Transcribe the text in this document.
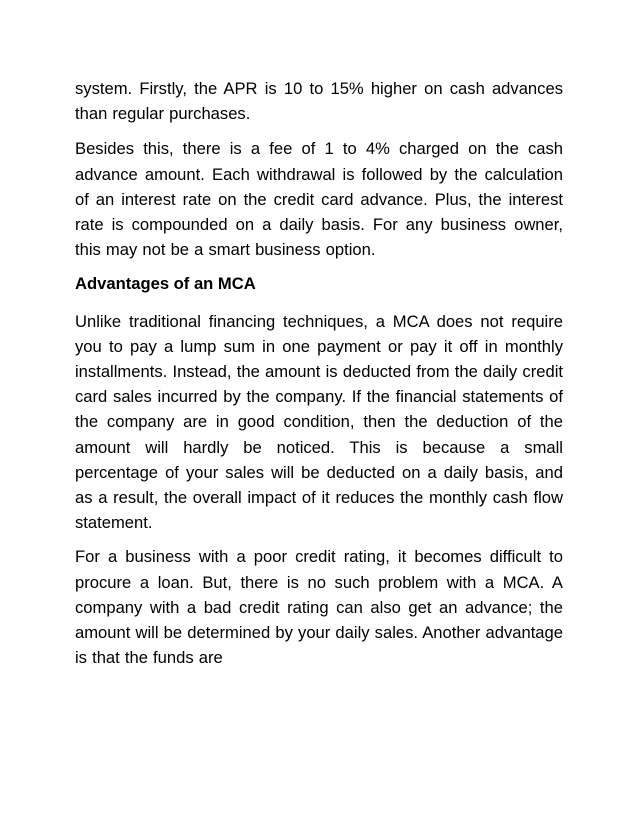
system. Firstly, the APR is 10 to 15% higher on cash advances than regular purchases.

Besides this, there is a fee of 1 to 4% charged on the cash advance amount. Each withdrawal is followed by the calculation of an interest rate on the credit card advance. Plus, the interest rate is compounded on a daily basis. For any business owner, this may not be a smart business option.

Advantages of an MCA

Unlike traditional financing techniques, a MCA does not require you to pay a lump sum in one payment or pay it off in monthly installments. Instead, the amount is deducted from the daily credit card sales incurred by the company. If the financial statements of the company are in good condition, then the deduction of the amount will hardly be noticed. This is because a small percentage of your sales will be deducted on a daily basis, and as a result, the overall impact of it reduces the monthly cash flow statement.

For a business with a poor credit rating, it becomes difficult to procure a loan. But, there is no such problem with a MCA. A company with a bad credit rating can also get an advance; the amount will be determined by your daily sales. Another advantage is that the funds are
